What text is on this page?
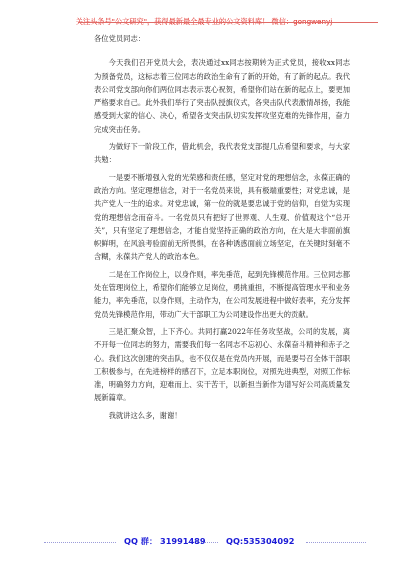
关注头条号"公文研究"，获得最新最全最专业的公文资料库！ 微信：gongwenyj

各位党员同志：

今天我们召开党员大会，表决通过xx同志按期转为正式党员，接收xx同志为预备党员，这标志着三位同志的政治生命有了新的开始，有了新的起点。我代表公司党支部向你们两位同志表示衷心祝贺，希望你们站在新的起点上，要更加严格要求自己。此外我们举行了突击队授旗仪式，各突击队代表激情昂扬，我能感受到大家的信心、决心，希望各支突击队切实发挥攻坚克难的先锋作用，奋力完成突击任务。

为做好下一阶段工作，借此机会，我代表党支部提几点希望和要求，与大家共勉：

一是要不断增强入党的光荣感和责任感，坚定对党的理想信念，永葆正确的政治方向。坚定理想信念，对于一名党员来说，具有极端重要性；对党忠诚，是共产党人一生的追求。对党忠诚，第一位的就是要忠诚于党的信仰，自觉为实现党的理想信念而奋斗。一名党员只有把好了世界观、人生观、价值观这个“总开关”，只有坚定了理想信念，才能自觉坚持正确的政治方向，在大是大非面前旗帜鲜明，在风浪考验面前无所畏惧，在各种诱惑面前立场坚定，在关键时刻毫不含糊，永葆共产党人的政治本色。

二是在工作岗位上，以身作则，率先垂范，起到先锋模范作用。三位同志都处在管理岗位上，希望你们能够立足岗位，勇挑重担，不断提高管理水平和业务能力，率先垂范，以身作则，主动作为，在公司发展进程中做好表率，充分发挥党员先锋模范作用，带动广大干部职工为公司建设作出更大的贡献。

三是汇聚众智，上下齐心。共同打赢2022年任务攻坚战，公司的发展，离不开每一位同志的努力，需要我们每一名同志不忘初心、永葆奋斗精神和赤子之心。我们这次创建的突击队，也不仅仅是在党员内开展，而是要号召全体干部职工积极参与，在先进榜样的感召下，立足本职岗位，对照先进典型，对照工作标准，明确努力方向，迎难而上、实干苦干，以新担当新作为谱写好公司高质量发展新篇章。

我就讲这么多，谢谢！

QQ 群： 31991489 QQ:535304092
